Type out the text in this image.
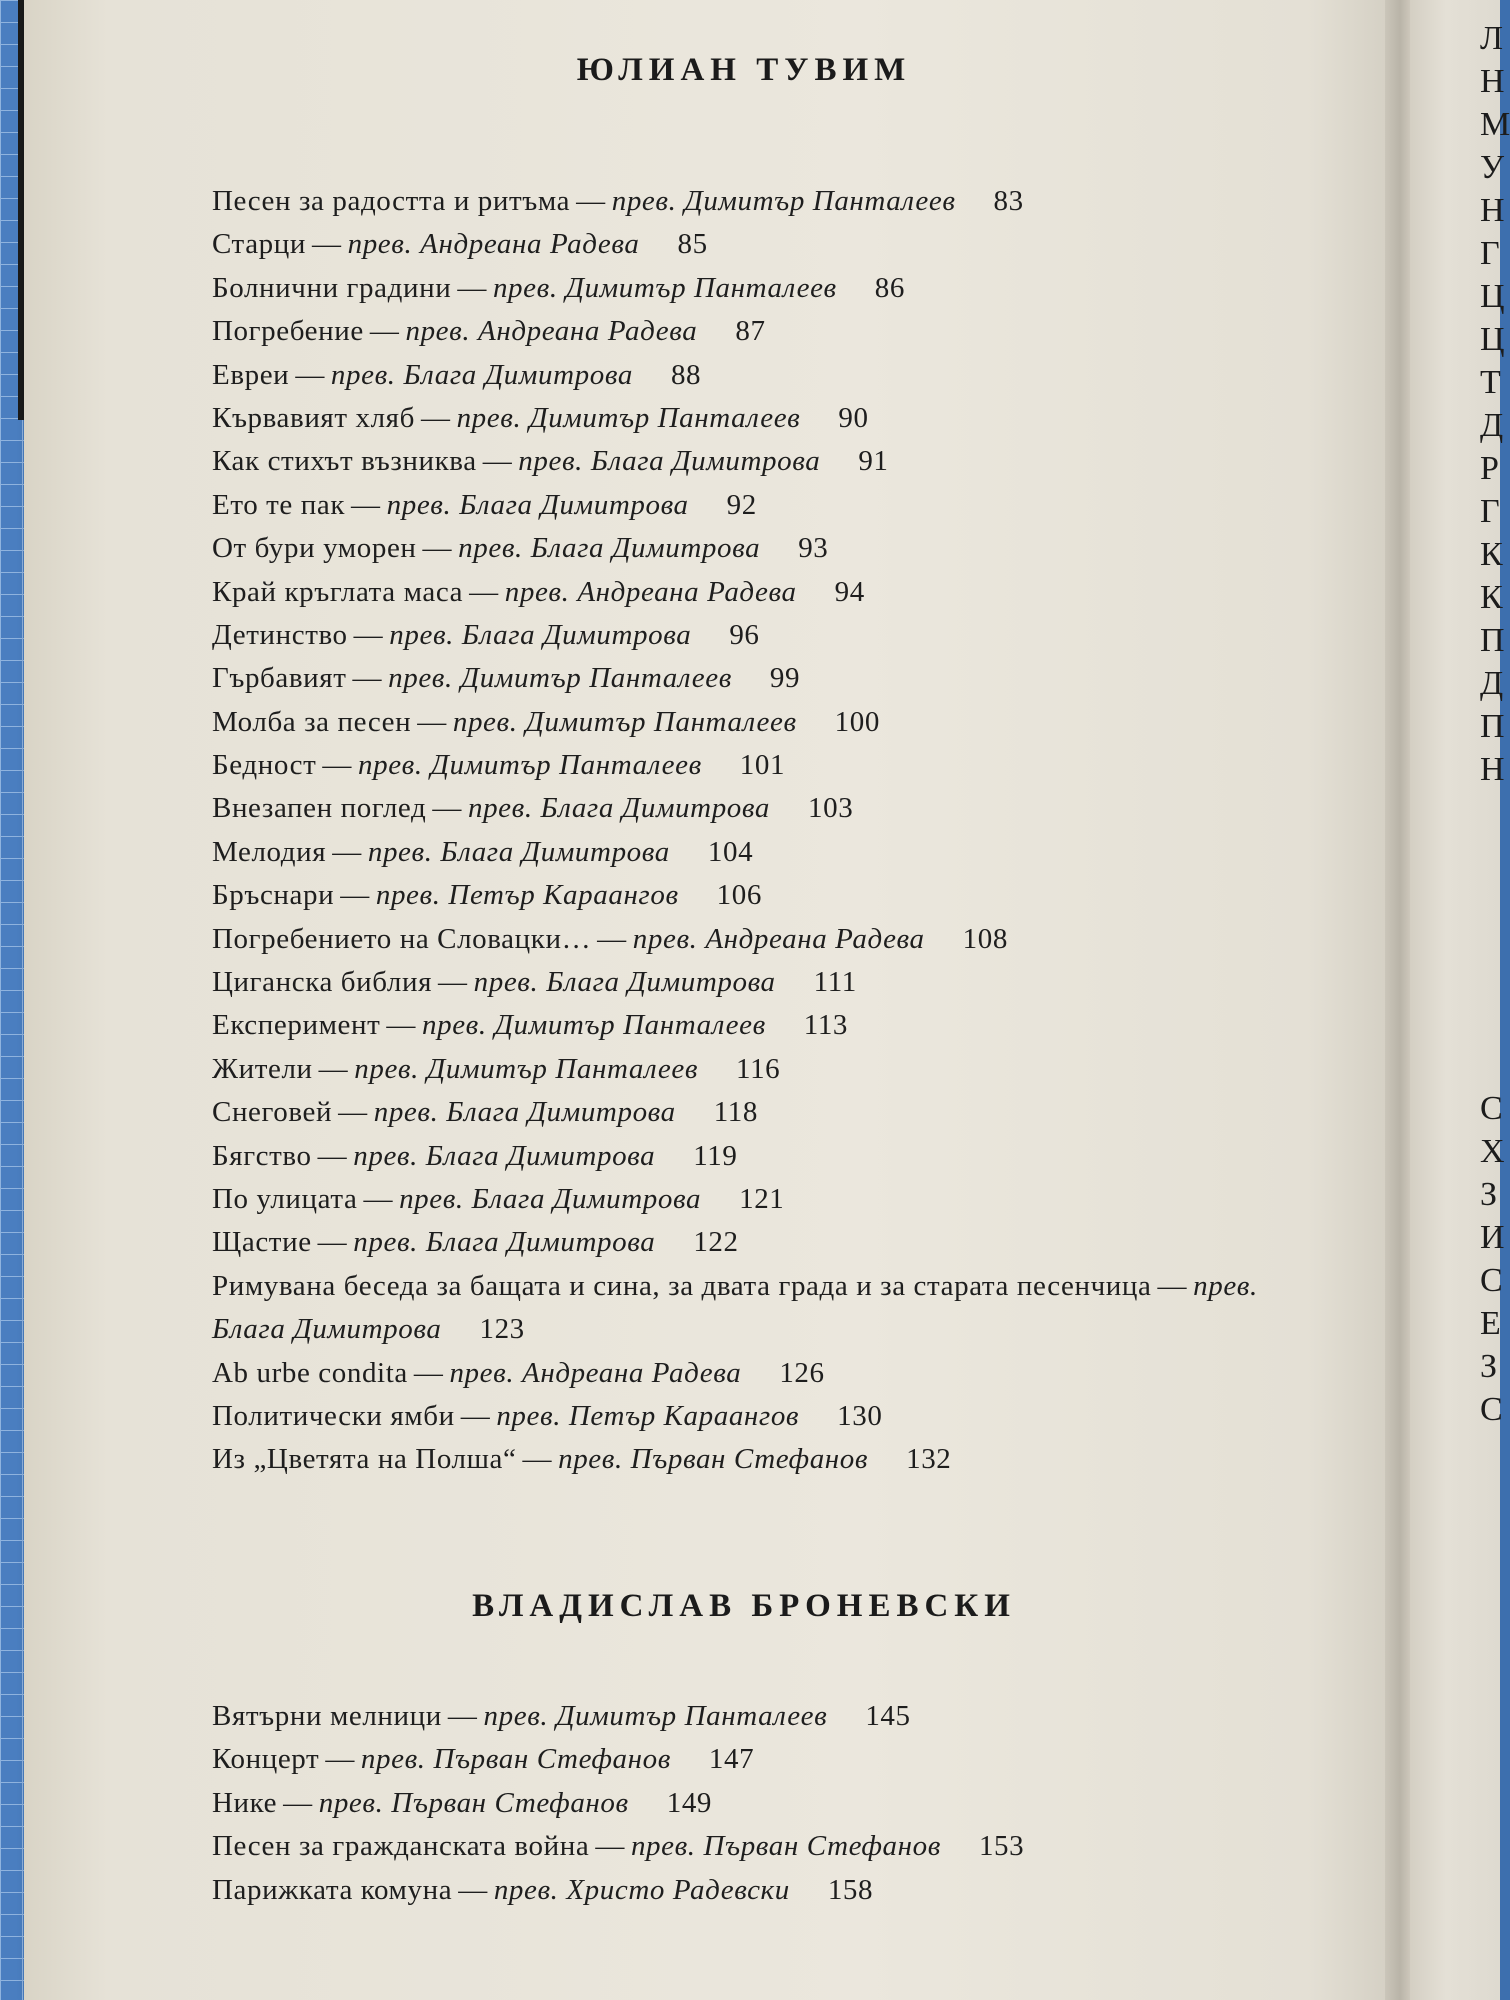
ЮЛИАН ТУВИМ
Песен за радостта и ритъма — прев. Димитър Панталеев 83
Старци — прев. Андреана Радева 85
Болнични градини — прев. Димитър Панталеев 86
Погребение — прев. Андреана Радева 87
Евреи — прев. Блага Димитрова 88
Кървавият хляб — прев. Димитър Панталеев 90
Как стихът възниква — прев. Блага Димитрова 91
Ето те пак — прев. Блага Димитрова 92
От бури уморен — прев. Блага Димитрова 93
Край кръглата маса — прев. Андреана Радева 94
Детинство — прев. Блага Димитрова 96
Гърбавият — прев. Димитър Панталеев 99
Молба за песен — прев. Димитър Панталеев 100
Бедност — прев. Димитър Панталеев 101
Внезапен поглед — прев. Блага Димитрова 103
Мелодия — прев. Блага Димитрова 104
Бръснари — прев. Петър Караангов 106
Погребението на Словацки… — прев. Андреана Радева 108
Циганска библия — прев. Блага Димитрова 111
Експеримент — прев. Димитър Панталеев 113
Жители — прев. Димитър Панталеев 116
Снеговей — прев. Блага Димитрова 118
Бягство — прев. Блага Димитрова 119
По улицата — прев. Блага Димитрова 121
Щастие — прев. Блага Димитрова 122
Римувана беседа за бащата и сина, за двата града и за старата песенчица — прев. Блага Димитрова 123
Ab urbe condita — прев. Андреана Радева 126
Политически ямби — прев. Петър Караангов 130
Из „Цветята на Полша“ — прев. Първан Стефанов 132
ВЛАДИСЛАВ БРОНЕВСКИ
Вятърни мелници — прев. Димитър Панталеев 145
Концерт — прев. Първан Стефанов 147
Нике — прев. Първан Стефанов 149
Песен за гражданската война — прев. Първан Стефанов 153
Парижката комуна — прев. Христо Радевски 158
Л
Н
М
У
Н
Г
Ц
Ц
Т
Д
Р
Г
К
К
П
Д
П
Н
С
Х
З
И
С
Е
З
С
